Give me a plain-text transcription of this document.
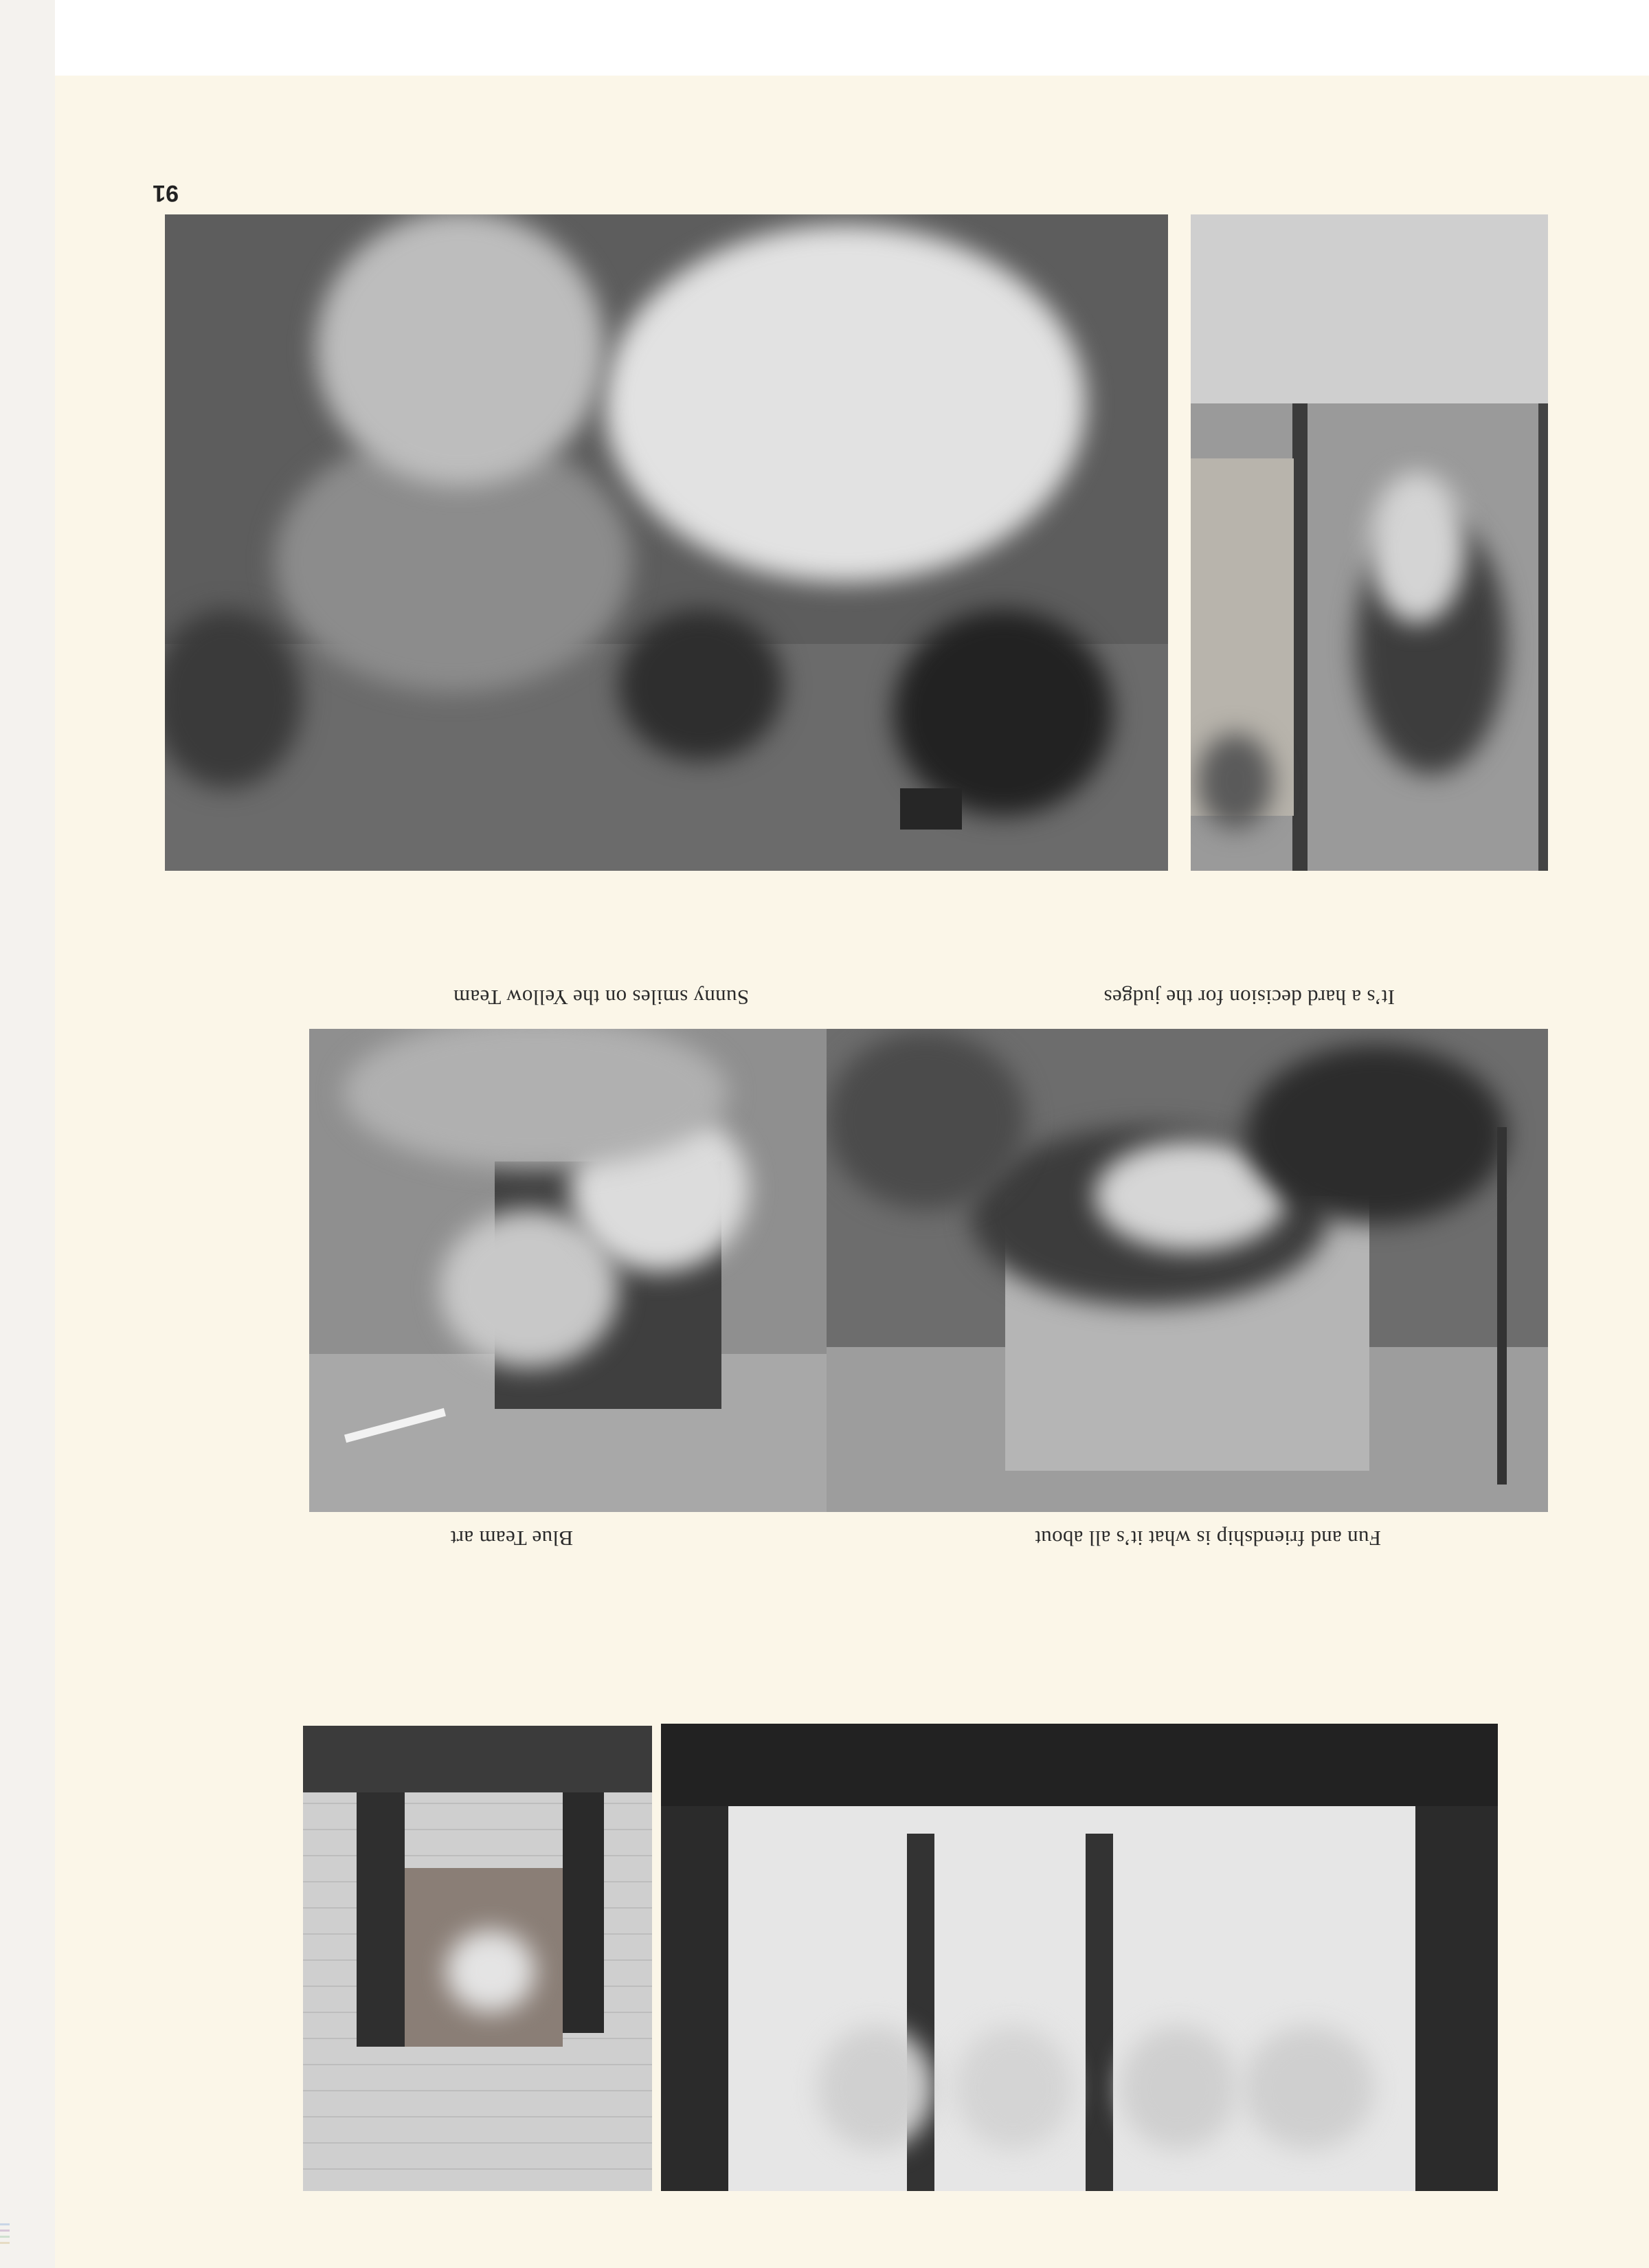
91
Sunny smiles on the Yellow Team	It’s a hard decision for the judges
Fun and friendship is what it’s all about
Blue Team art
